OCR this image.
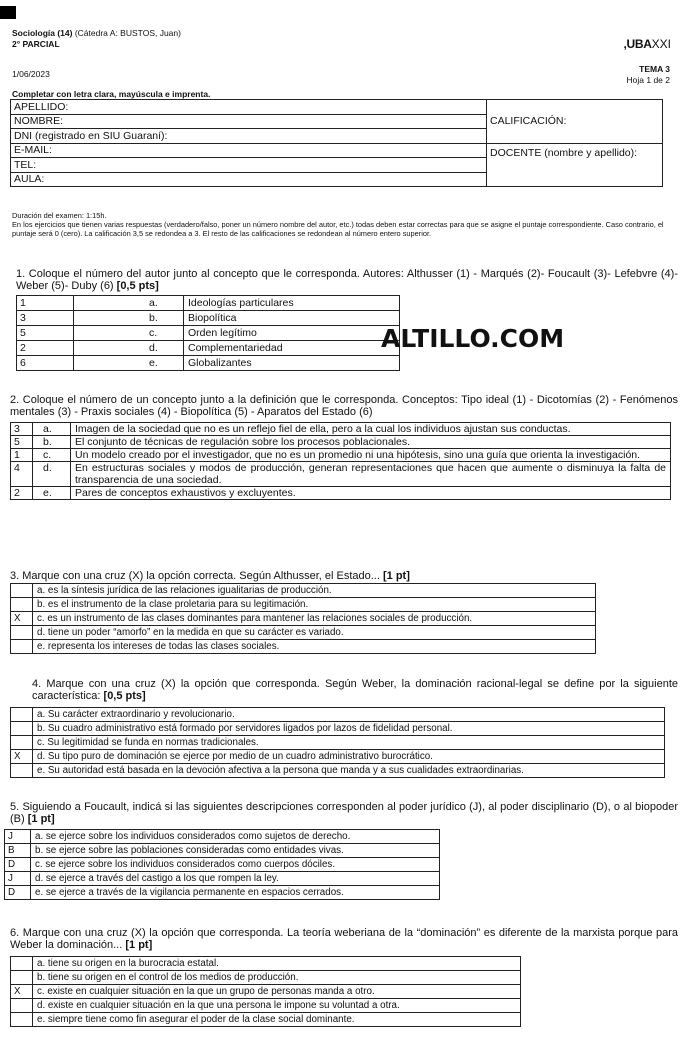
Sociología (14) (Cátedra A: BUSTOS, Juan)
2° PARCIAL	,UBAXXI
1/06/2023	TEMA 3
Hoja 1 de 2
Completar con letra clara, mayúscula e imprenta.
APELLIDO:	CALIFICACIÓN:
NOMBRE:	
DNI (registrado en SIU Guaraní):	
E-MAIL:	DOCENTE (nombre y apellido):
TEL:	
AULA:	
Duración del examen: 1:15h.
En los ejercicios que tienen varias respuestas (verdadero/falso, poner un número nombre del autor, etc.) todas deben estar correctas para que se asigne el puntaje correspondiente. Caso contrario, el puntaje será 0 (cero). La calificación 3,5 se redondea a 3. El resto de las calificaciones se redondean al número entero superior.
1. Coloque el número del autor junto al concepto que le corresponda. Autores: Althusser (1) - Marqués (2)- Foucault (3)- Lefebvre (4)- Weber (5)- Duby (6) [0,5 pts]
1	a.	Ideologías particulares
3	b.	Biopolítica
5	c.	Orden legítimo
2	d.	Complementariedad
6	e.	Globalizantes
ALTILLO.COM
2. Coloque el número de un concepto junto a la definición que le corresponda. Conceptos: Tipo ideal (1) - Dicotomías (2) - Fenómenos mentales (3) - Praxis sociales (4) - Biopolítica (5) - Aparatos del Estado (6)
3	a.	Imagen de la sociedad que no es un reflejo fiel de ella, pero a la cual los individuos ajustan sus conductas.
5	b.	El conjunto de técnicas de regulación sobre los procesos poblacionales.
1	c.	Un modelo creado por el investigador, que no es un promedio ni una hipótesis, sino una guía que orienta la investigación.
4	d.	En estructuras sociales y modos de producción, generan representaciones que hacen que aumente o disminuya la falta de transparencia de una sociedad.
2	e.	Pares de conceptos exhaustivos y excluyentes.
3. Marque con una cruz (X) la opción correcta. Según Althusser, el Estado... [1 pt]
	a. es la síntesis jurídica de las relaciones igualitarias de producción.
	b. es el instrumento de la clase proletaria para su legitimación.
X	c. es un instrumento de las clases dominantes para mantener las relaciones sociales de producción.
	d. tiene un poder “amorfo” en la medida en que su carácter es variado.
	e. representa los intereses de todas las clases sociales.
4. Marque con una cruz (X) la opción que corresponda. Según Weber, la dominación racional-legal se define por la siguiente característica: [0,5 pts]
	a. Su carácter extraordinario y revolucionario.
	b. Su cuadro administrativo está formado por servidores ligados por lazos de fidelidad personal.
	c. Su legitimidad se funda en normas tradicionales.
X	d. Su tipo puro de dominación se ejerce por medio de un cuadro administrativo burocrático.
	e. Su autoridad está basada en la devoción afectiva a la persona que manda y a sus cualidades extraordinarias.
5. Siguiendo a Foucault, indicá si las siguientes descripciones corresponden al poder jurídico (J), al poder disciplinario (D), o al biopoder (B) [1 pt]
J	a. se ejerce sobre los individuos considerados como sujetos de derecho.
B	b. se ejerce sobre las poblaciones consideradas como entidades vivas.
D	c. se ejerce sobre los individuos considerados como cuerpos dóciles.
J	d. se ejerce a través del castigo a los que rompen la ley.
D	e. se ejerce a través de la vigilancia permanente en espacios cerrados.
6. Marque con una cruz (X) la opción que corresponda. La teoría weberiana de la “dominación” es diferente de la marxista porque para Weber la dominación... [1 pt]
	a. tiene su origen en la burocracia estatal.
	b. tiene su origen en el control de los medios de producción.
X	c. existe en cualquier situación en la que un grupo de personas manda a otro.
	d. existe en cualquier situación en la que una persona le impone su voluntad a otra.
	e. siempre tiene como fin asegurar el poder de la clase social dominante.
